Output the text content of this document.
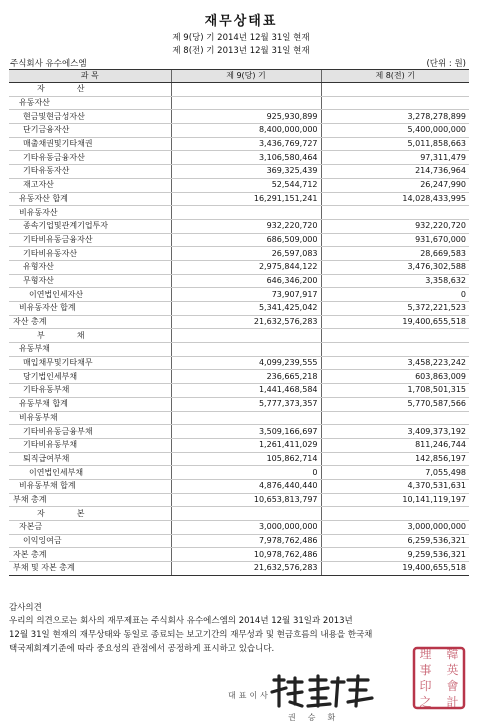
재무상태표
제 9(당) 기 2014년 12월 31일 현재
제 8(전) 기 2013년 12월 31일 현재
주식회사 유수에스엠	(단위 : 원)
과 목	제 9(당) 기	제 8(전) 기
자산		
유동자산		
현금및현금성자산	925,930,899	3,278,278,899
단기금융자산	8,400,000,000	5,400,000,000
매출채권및기타채권	3,436,769,727	5,011,858,663
기타유동금융자산	3,106,580,464	97,311,479
기타유동자산	369,325,439	214,736,964
재고자산	52,544,712	26,247,990
유동자산 합계	16,291,151,241	14,028,433,995
비유동자산		
종속기업및관계기업투자	932,220,720	932,220,720
기타비유동금융자산	686,509,000	931,670,000
기타비유동자산	26,597,083	28,669,583
유형자산	2,975,844,122	3,476,302,588
무형자산	646,346,200	3,358,632
이연법인세자산	73,907,917	0
비유동자산 합계	5,341,425,042	5,372,221,523
자산 총계	21,632,576,283	19,400,655,518
부채		
유동부채		
매입채무및기타채무	4,099,239,555	3,458,223,242
당기법인세부채	236,665,218	603,863,009
기타유동부채	1,441,468,584	1,708,501,315
유동부채 합계	5,777,373,357	5,770,587,566
비유동부채		
기타비유동금융부채	3,509,166,697	3,409,373,192
기타비유동부채	1,261,411,029	811,246,744
퇴직급여부채	105,862,714	142,856,197
이연법인세부채	0	7,055,498
비유동부채 합계	4,876,440,440	4,370,531,631
부채 총계	10,653,813,797	10,141,119,197
자본		
자본금	3,000,000,000	3,000,000,000
이익잉여금	7,978,762,486	6,259,536,321
자본 총계	10,978,762,486	9,259,536,321
부채 및 자본 총계	21,632,576,283	19,400,655,518
감사의견
우리의 의견으로는 회사의 재무제표는 주식회사 유수에스엠의 2014년 12월 31일과 2013년
12월 31일 현재의 재무상태와 동일로 종료되는 보고기간의 재무성과 및 현금흐름의 내용을 한국채
택국제회계기준에 따라 중요성의 관점에서 공정하게 표시하고 있습니다.
대표이사
권승화
理	韓
事	英
印	會
之	計
